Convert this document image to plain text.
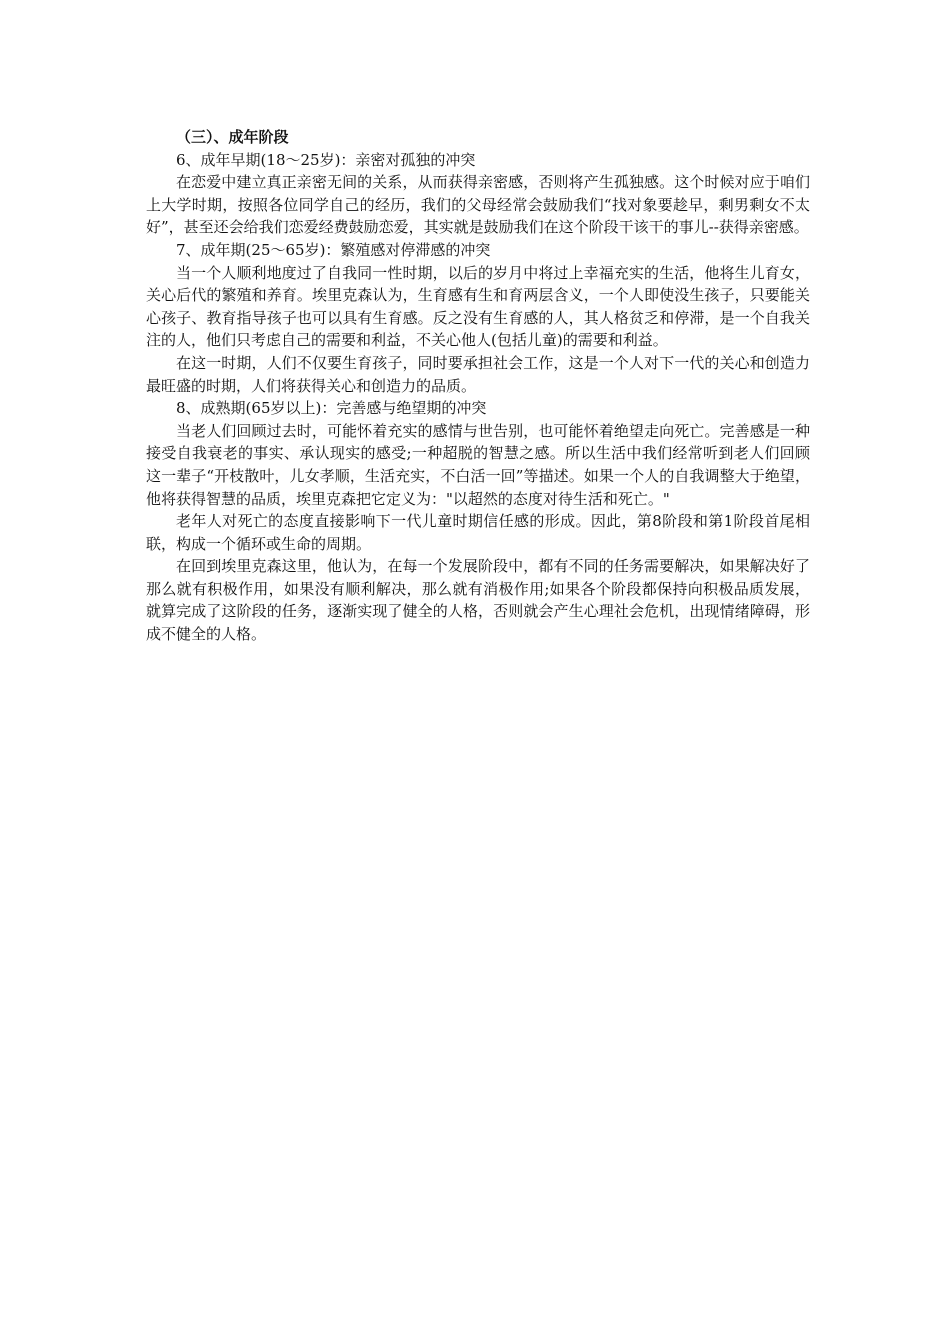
（三）、成年阶段

6、成年早期(18～25岁)：亲密对孤独的冲突

在恋爱中建立真正亲密无间的关系，从而获得亲密感，否则将产生孤独感。这个时候对应于咱们上大学时期，按照各位同学自己的经历，我们的父母经常会鼓励我们“找对象要趁早，剩男剩女不太好”，甚至还会给我们恋爱经费鼓励恋爱，其实就是鼓励我们在这个阶段干该干的事儿--获得亲密感。

7、成年期(25～65岁)：繁殖感对停滞感的冲突

当一个人顺利地度过了自我同一性时期，以后的岁月中将过上幸福充实的生活，他将生儿育女，关心后代的繁殖和养育。埃里克森认为，生育感有生和育两层含义，一个人即使没生孩子，只要能关心孩子、教育指导孩子也可以具有生育感。反之没有生育感的人，其人格贫乏和停滞，是一个自我关注的人，他们只考虑自己的需要和利益，不关心他人(包括儿童)的需要和利益。

在这一时期，人们不仅要生育孩子，同时要承担社会工作，这是一个人对下一代的关心和创造力最旺盛的时期，人们将获得关心和创造力的品质。

8、成熟期(65岁以上)：完善感与绝望期的冲突

当老人们回顾过去时，可能怀着充实的感情与世告别，也可能怀着绝望走向死亡。完善感是一种接受自我衰老的事实、承认现实的感受;一种超脱的智慧之感。所以生活中我们经常听到老人们回顾这一辈子“开枝散叶，儿女孝顺，生活充实，不白活一回”等描述。如果一个人的自我调整大于绝望，他将获得智慧的品质，埃里克森把它定义为："以超然的态度对待生活和死亡。"

老年人对死亡的态度直接影响下一代儿童时期信任感的形成。因此，第8阶段和第1阶段首尾相联，构成一个循环或生命的周期。

在回到埃里克森这里，他认为，在每一个发展阶段中，都有不同的任务需要解决，如果解决好了那么就有积极作用，如果没有顺利解决，那么就有消极作用;如果各个阶段都保持向积极品质发展，就算完成了这阶段的任务，逐渐实现了健全的人格，否则就会产生心理社会危机，出现情绪障碍，形成不健全的人格。
